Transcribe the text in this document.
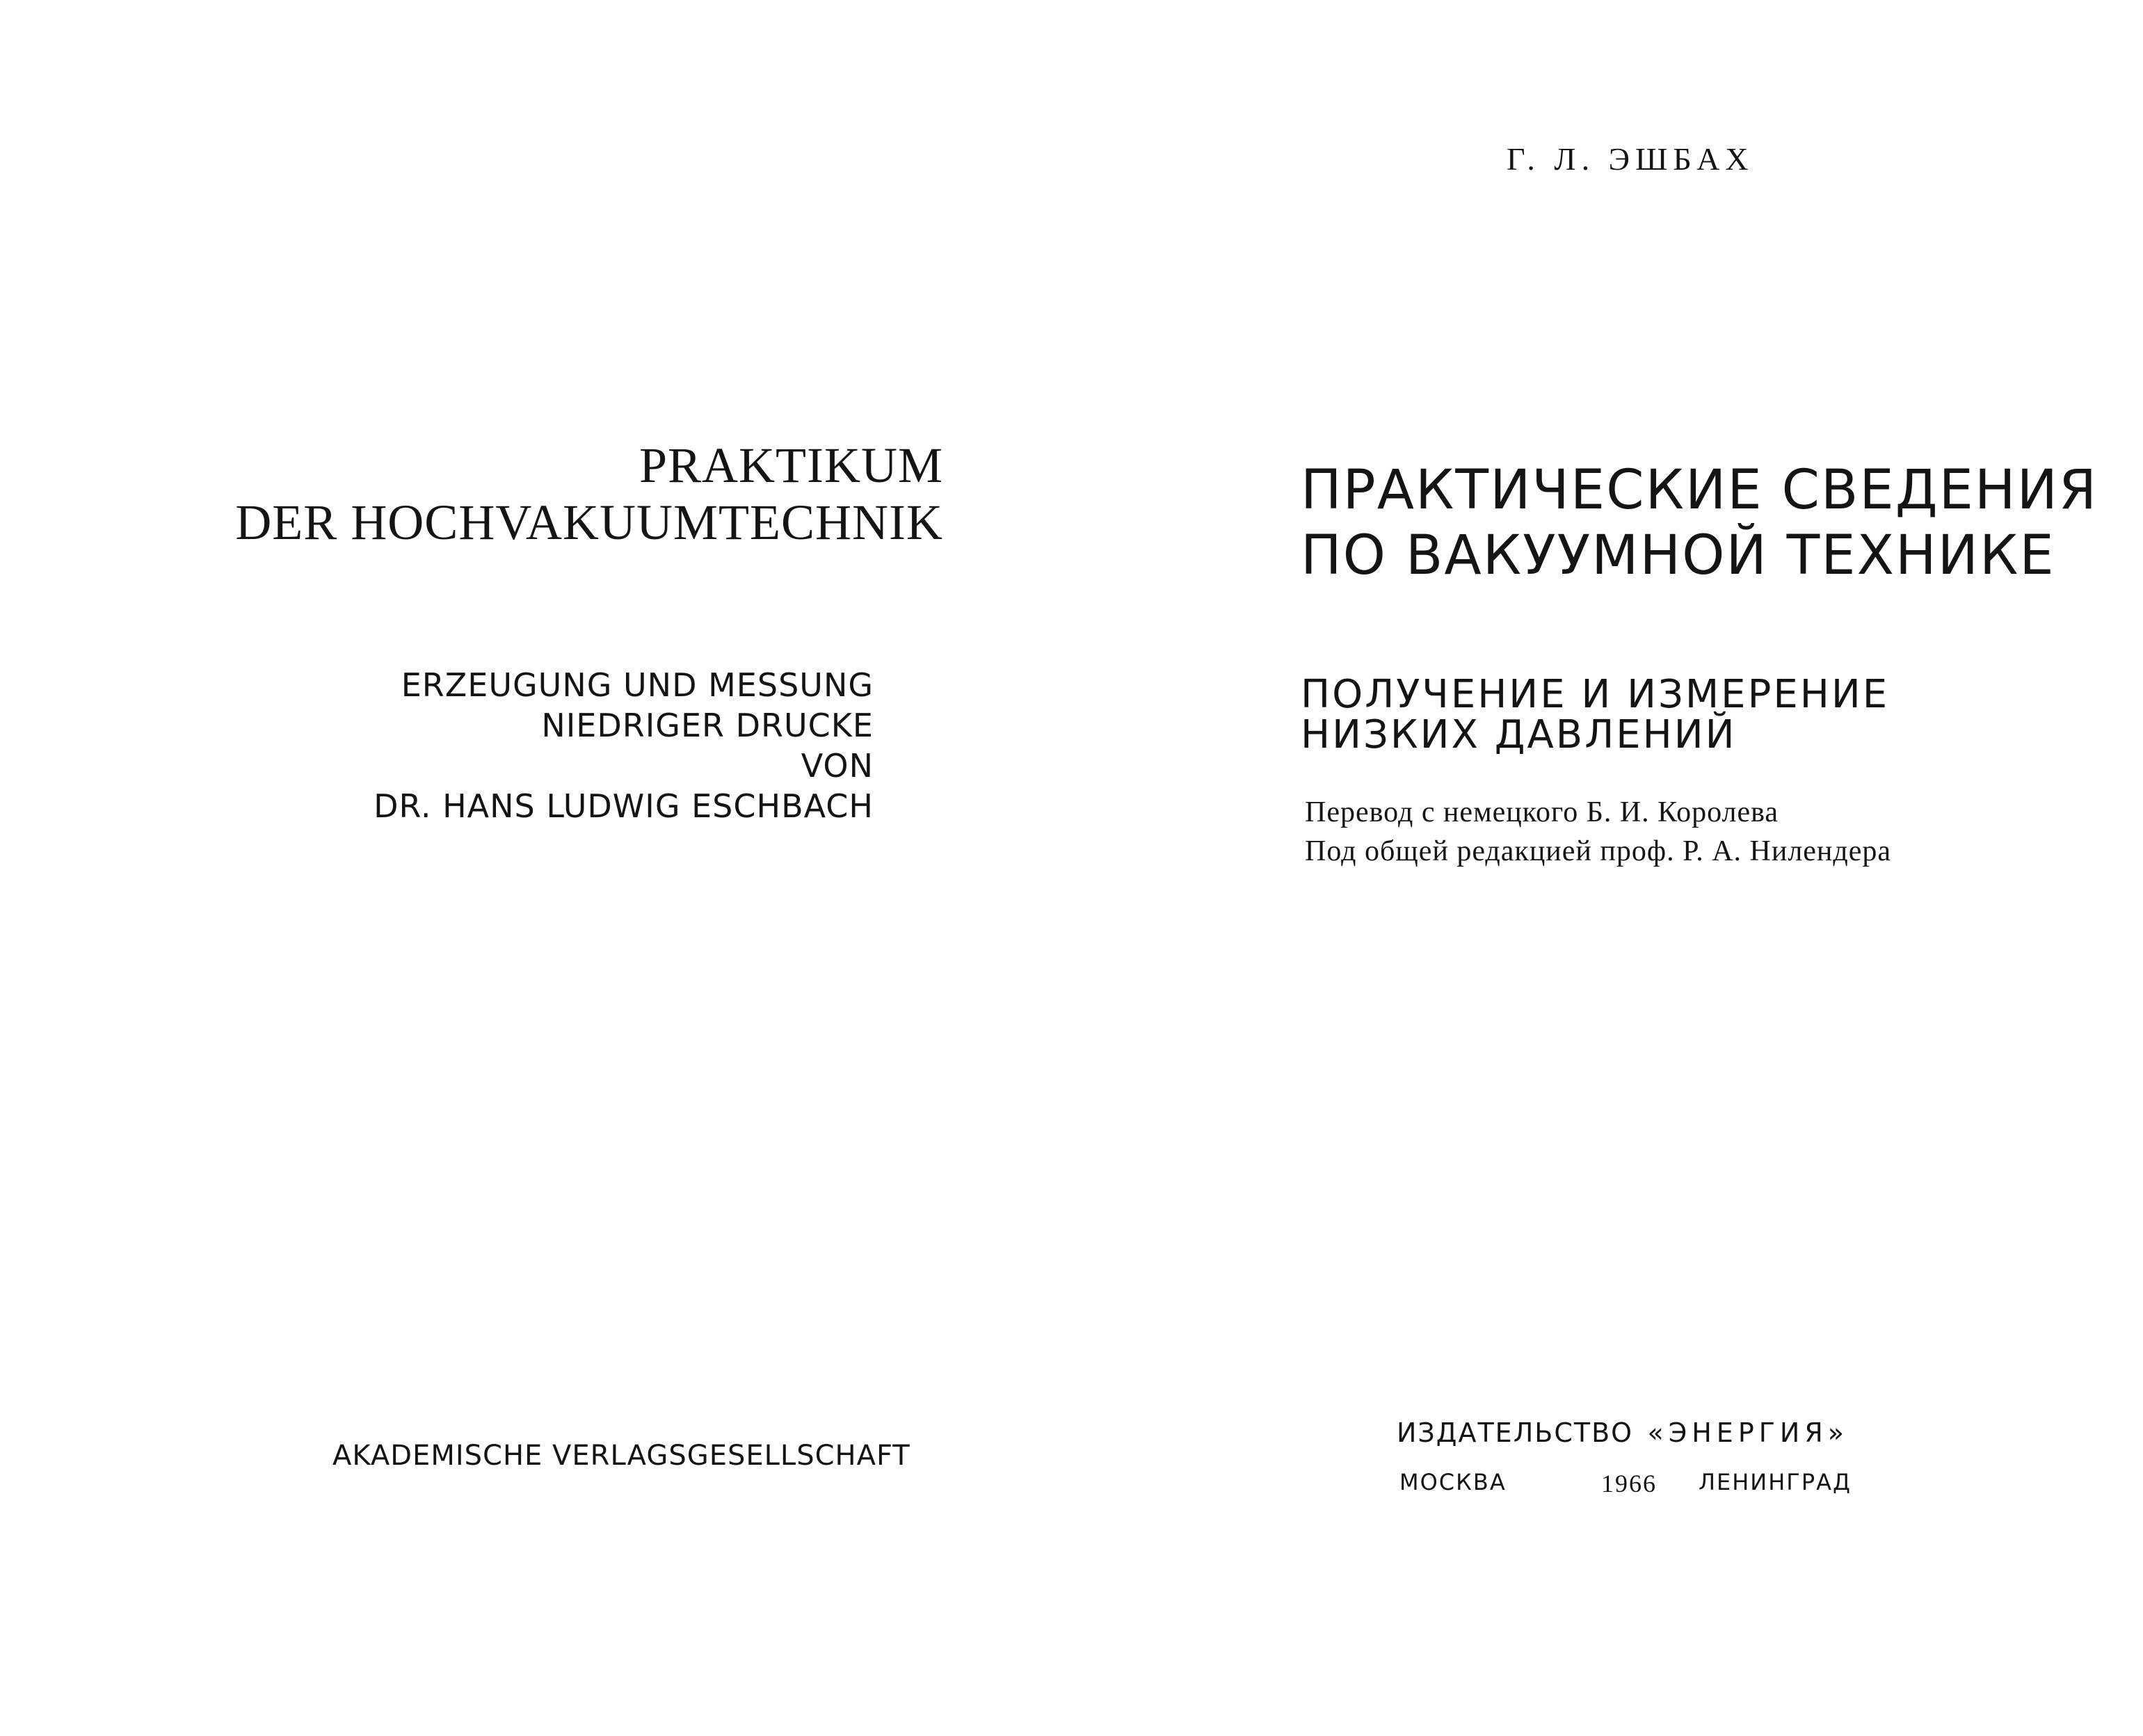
PRAKTIKUM
DER HOCHVAKUUMTECHNIK
ERZEUGUNG UND MESSUNG
NIEDRIGER DRUCKE
VON
DR. HANS LUDWIG ESCHBACH
AKADEMISCHE VERLAGSGESELLSCHAFT
Г. Л. ЭШБАХ
ПРАКТИЧЕСКИЕ СВЕДЕНИЯ
ПО ВАКУУМНОЙ ТЕХНИКЕ
ПОЛУЧЕНИЕ И ИЗМЕРЕНИЕ
НИЗКИХ ДАВЛЕНИЙ
Перевод с немецкого Б. И. Королева
Под общей редакцией проф. Р. А. Нилендера
ИЗДАТЕЛЬСТВО «ЭНЕРГИЯ»
МОСКВА	1966 ЛЕНИНГРАД
